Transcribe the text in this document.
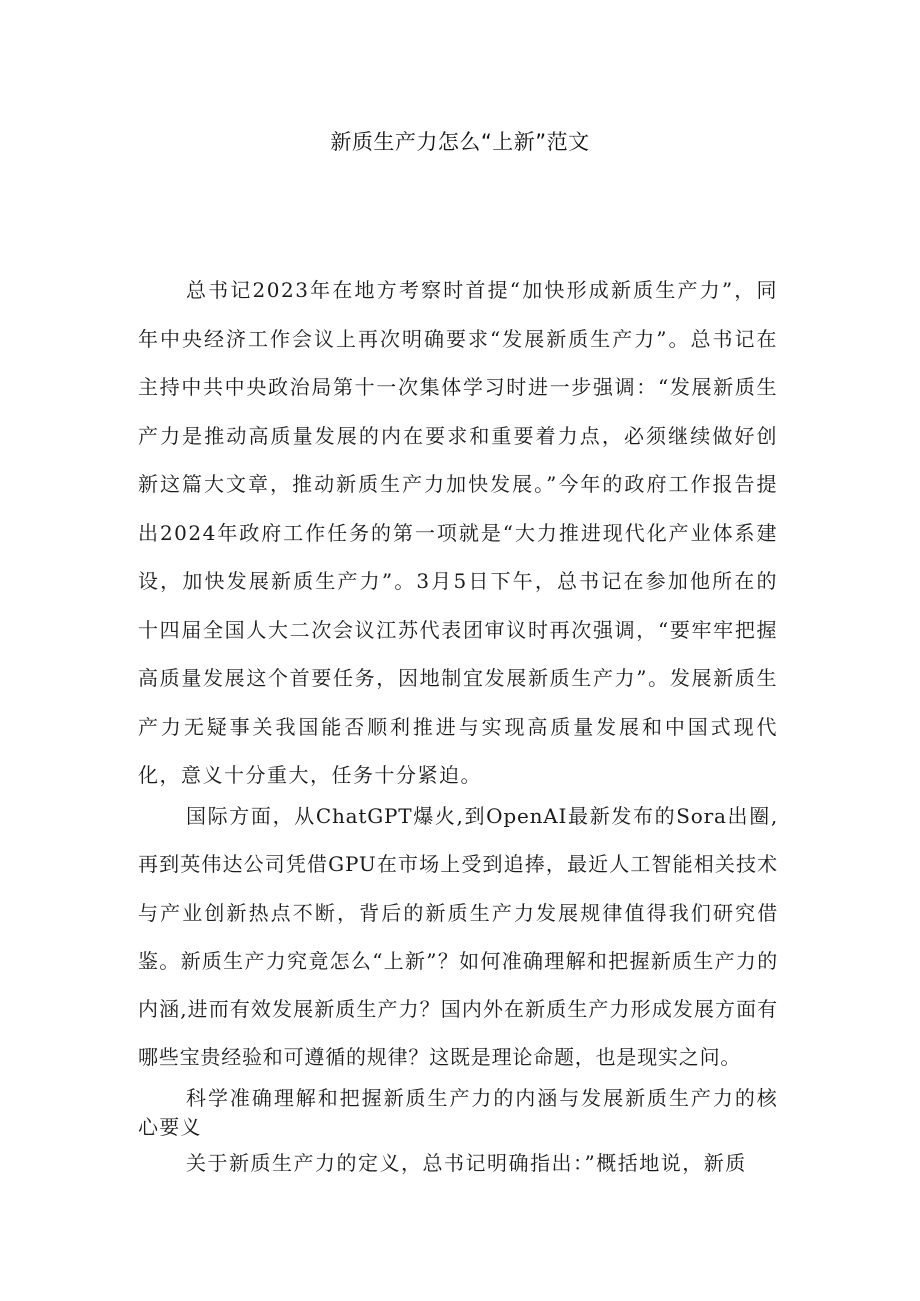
新质生产力怎么“上新”范文

总书记2023年在地方考察时首提“加快形成新质生产力”，同年中央经济工作会议上再次明确要求“发展新质生产力”。总书记在主持中共中央政治局第十一次集体学习时进一步强调：“发展新质生产力是推动高质量发展的内在要求和重要着力点，必须继续做好创新这篇大文章，推动新质生产力加快发展。”今年的政府工作报告提出2024年政府工作任务的第一项就是“大力推进现代化产业体系建设，加快发展新质生产力”。3月5日下午，总书记在参加他所在的十四届全国人大二次会议江苏代表团审议时再次强调，“要牢牢把握高质量发展这个首要任务，因地制宜发展新质生产力”。发展新质生产力无疑事关我国能否顺利推进与实现高质量发展和中国式现代化，意义十分重大，任务十分紧迫。

国际方面，从ChatGPT爆火,到OpenAI最新发布的Sora出圈,再到英伟达公司凭借GPU在市场上受到追捧，最近人工智能相关技术与产业创新热点不断，背后的新质生产力发展规律值得我们研究借鉴。新质生产力究竟怎么“上新”？如何准确理解和把握新质生产力的内涵,进而有效发展新质生产力？国内外在新质生产力形成发展方面有哪些宝贵经验和可遵循的规律？这既是理论命题，也是现实之问。

科学准确理解和把握新质生产力的内涵与发展新质生产力的核心要义

关于新质生产力的定义，总书记明确指出：”概括地说，新质
